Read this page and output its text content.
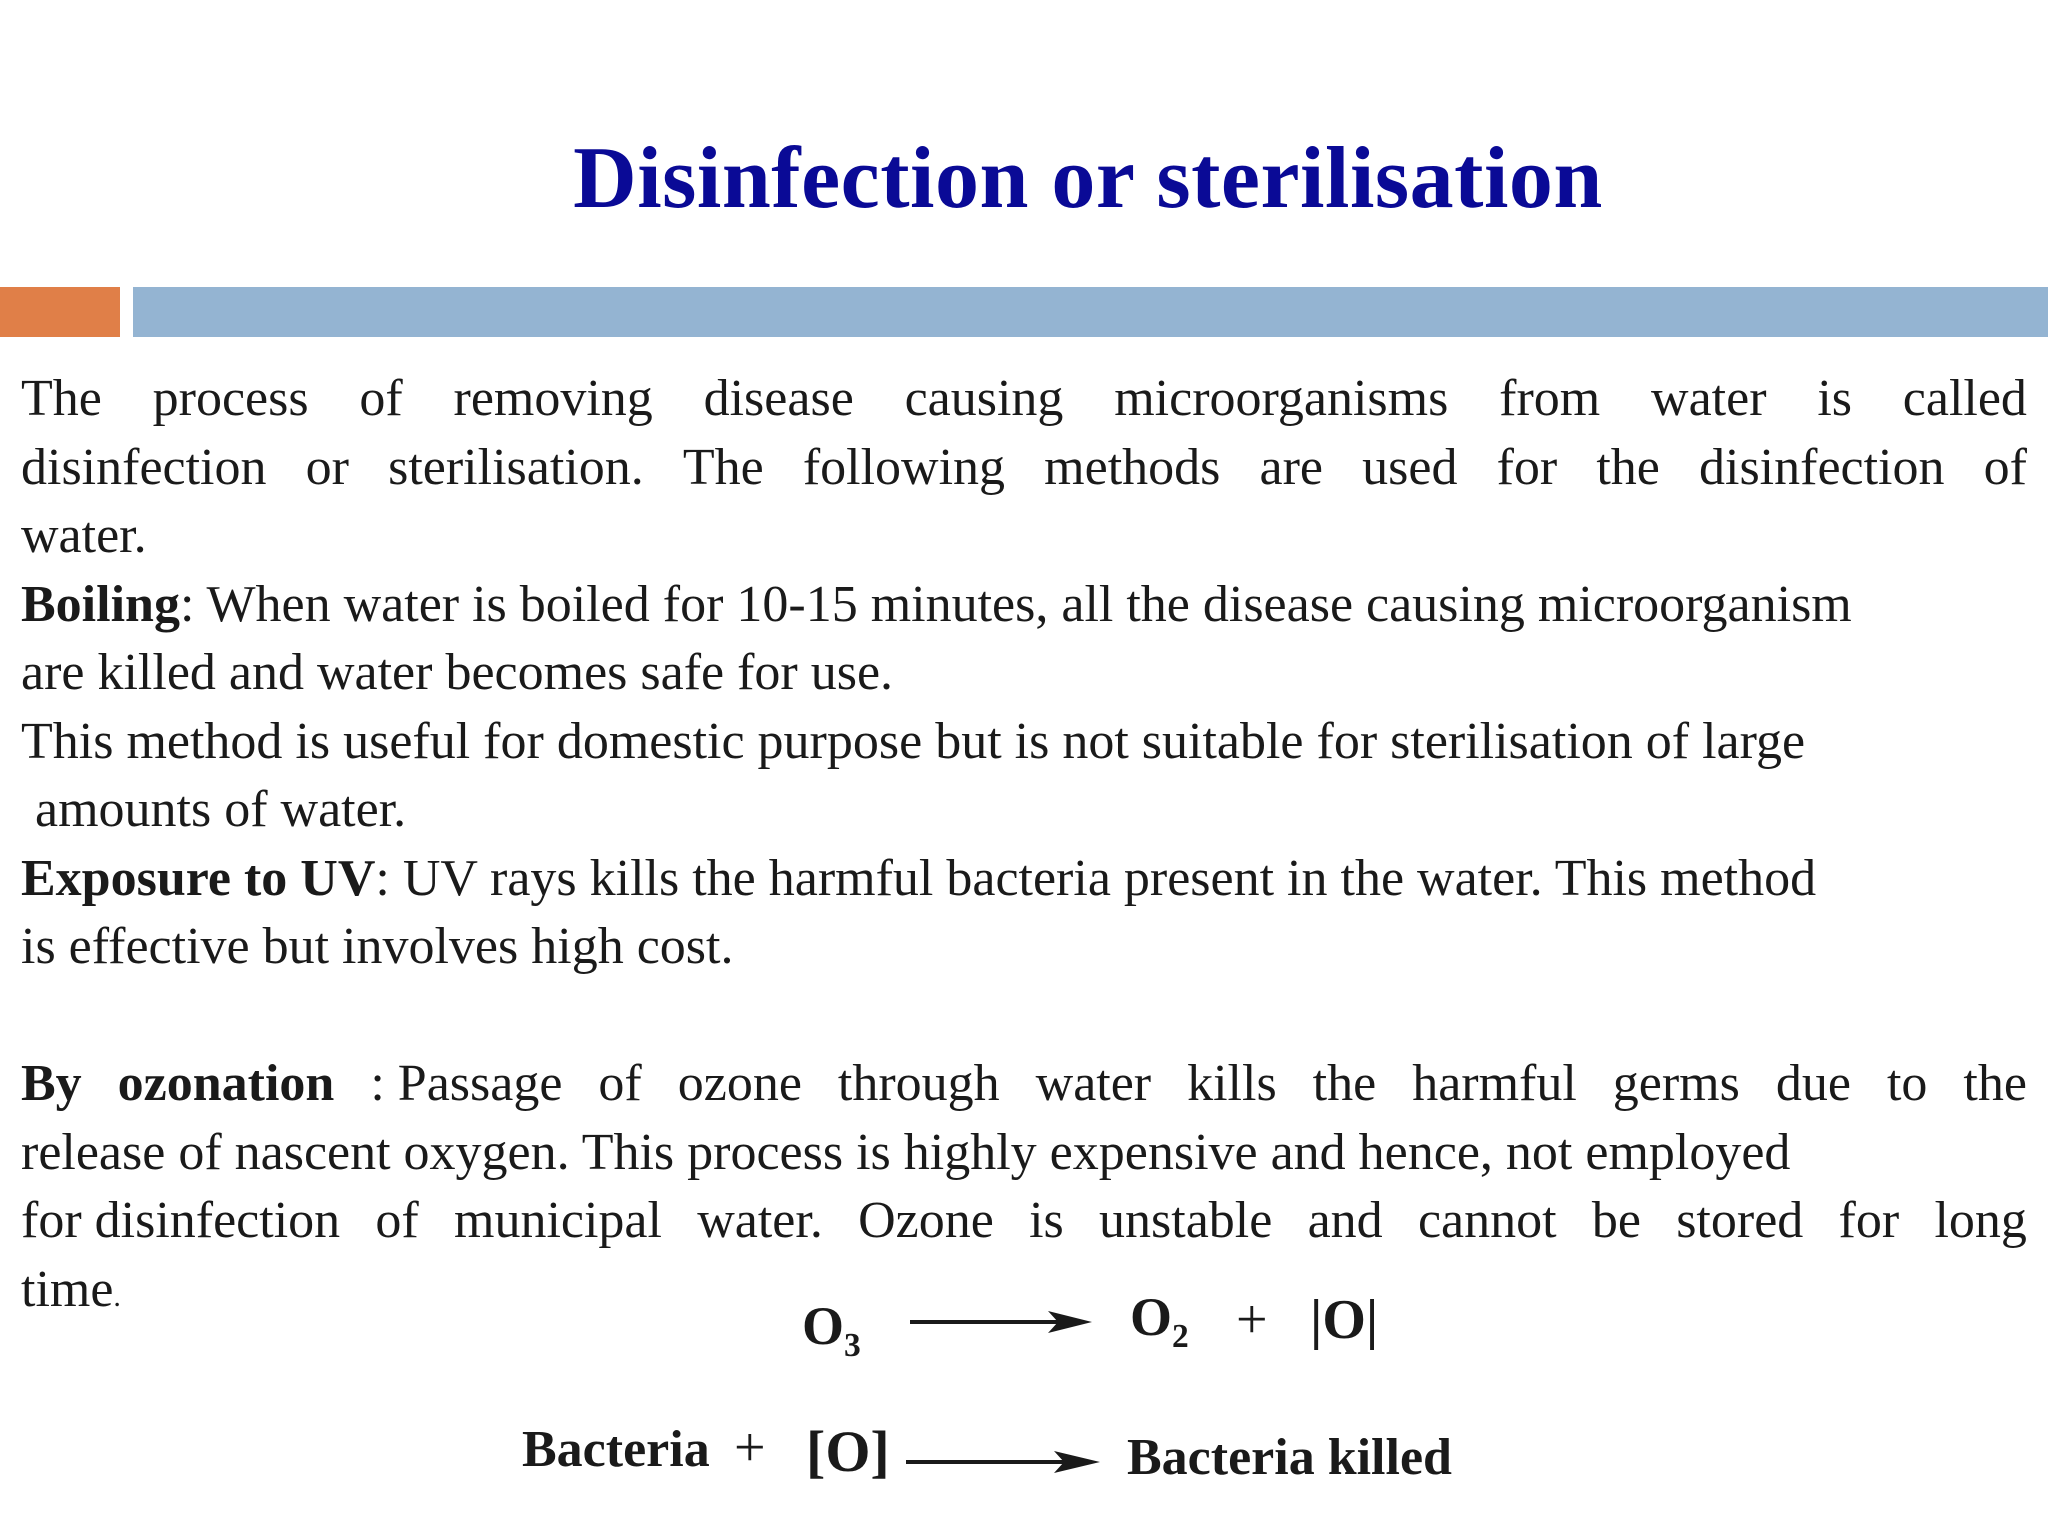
Disinfection or sterilisation
The process of removing disease causing microorganisms from water is called
disinfection or sterilisation. The following methods are used for the disinfection of
water.
Boiling: When water is boiled for 10-15 minutes, all the disease causing microorganism
are killed and water becomes safe for use.
This method is useful for domestic purpose but is not suitable for sterilisation of large
amounts of water.
Exposure to UV: UV rays kills the harmful bacteria present in the water. This method
is effective but involves high cost.
By ozonation : Passage of ozone through water kills the harmful germs due to the
release of nascent oxygen. This process is highly expensive and hence, not employed
for disinfection of municipal water. Ozone is unstable and cannot be stored for long
time.	$O_3$	$O_2 + |O|$
Bacteria + [O]	Bacteria killed
